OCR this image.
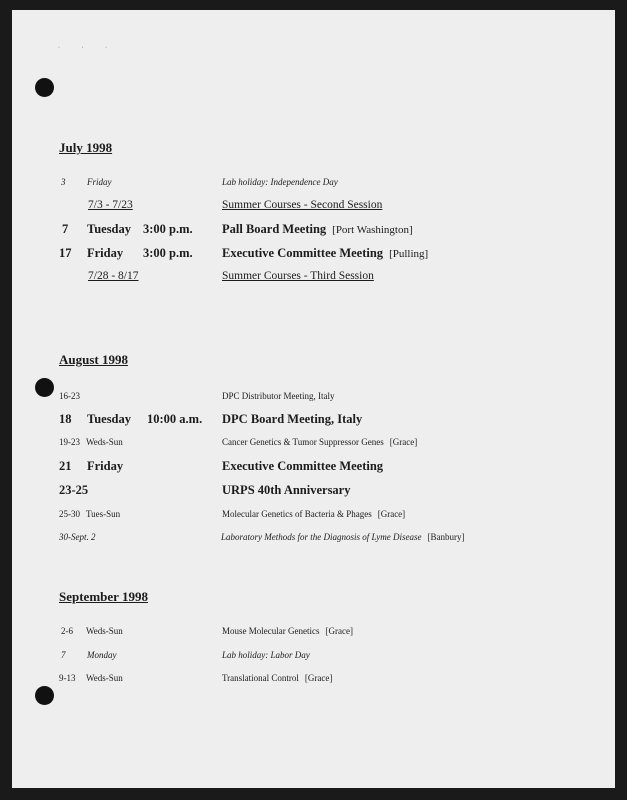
· · ·
July 1998
3 Friday	Lab holiday: Independence Day
7/3 - 7/23	Summer Courses - Second Session
7 Tuesday 3:00 p.m. Pall Board Meeting [Port Washington]
17 Friday 3:00 p.m. Executive Committee Meeting [Pulling]
7/28 - 8/17	Summer Courses - Third Session
August 1998
16-23	DPC Distributor Meeting, Italy
18 Tuesday 10:00 a.m. DPC Board Meeting, Italy
19-23 Weds-Sun	Cancer Genetics & Tumor Suppressor Genes [Grace]
21 Friday	Executive Committee Meeting
23-25	URPS 40th Anniversary
25-30 Tues-Sun	Molecular Genetics of Bacteria & Phages [Grace]
30-Sept. 2	Laboratory Methods for the Diagnosis of Lyme Disease [Banbury]
September 1998
2-6 Weds-Sun	Mouse Molecular Genetics [Grace]
7 Monday	Lab holiday: Labor Day
9-13 Weds-Sun	Translational Control [Grace]
